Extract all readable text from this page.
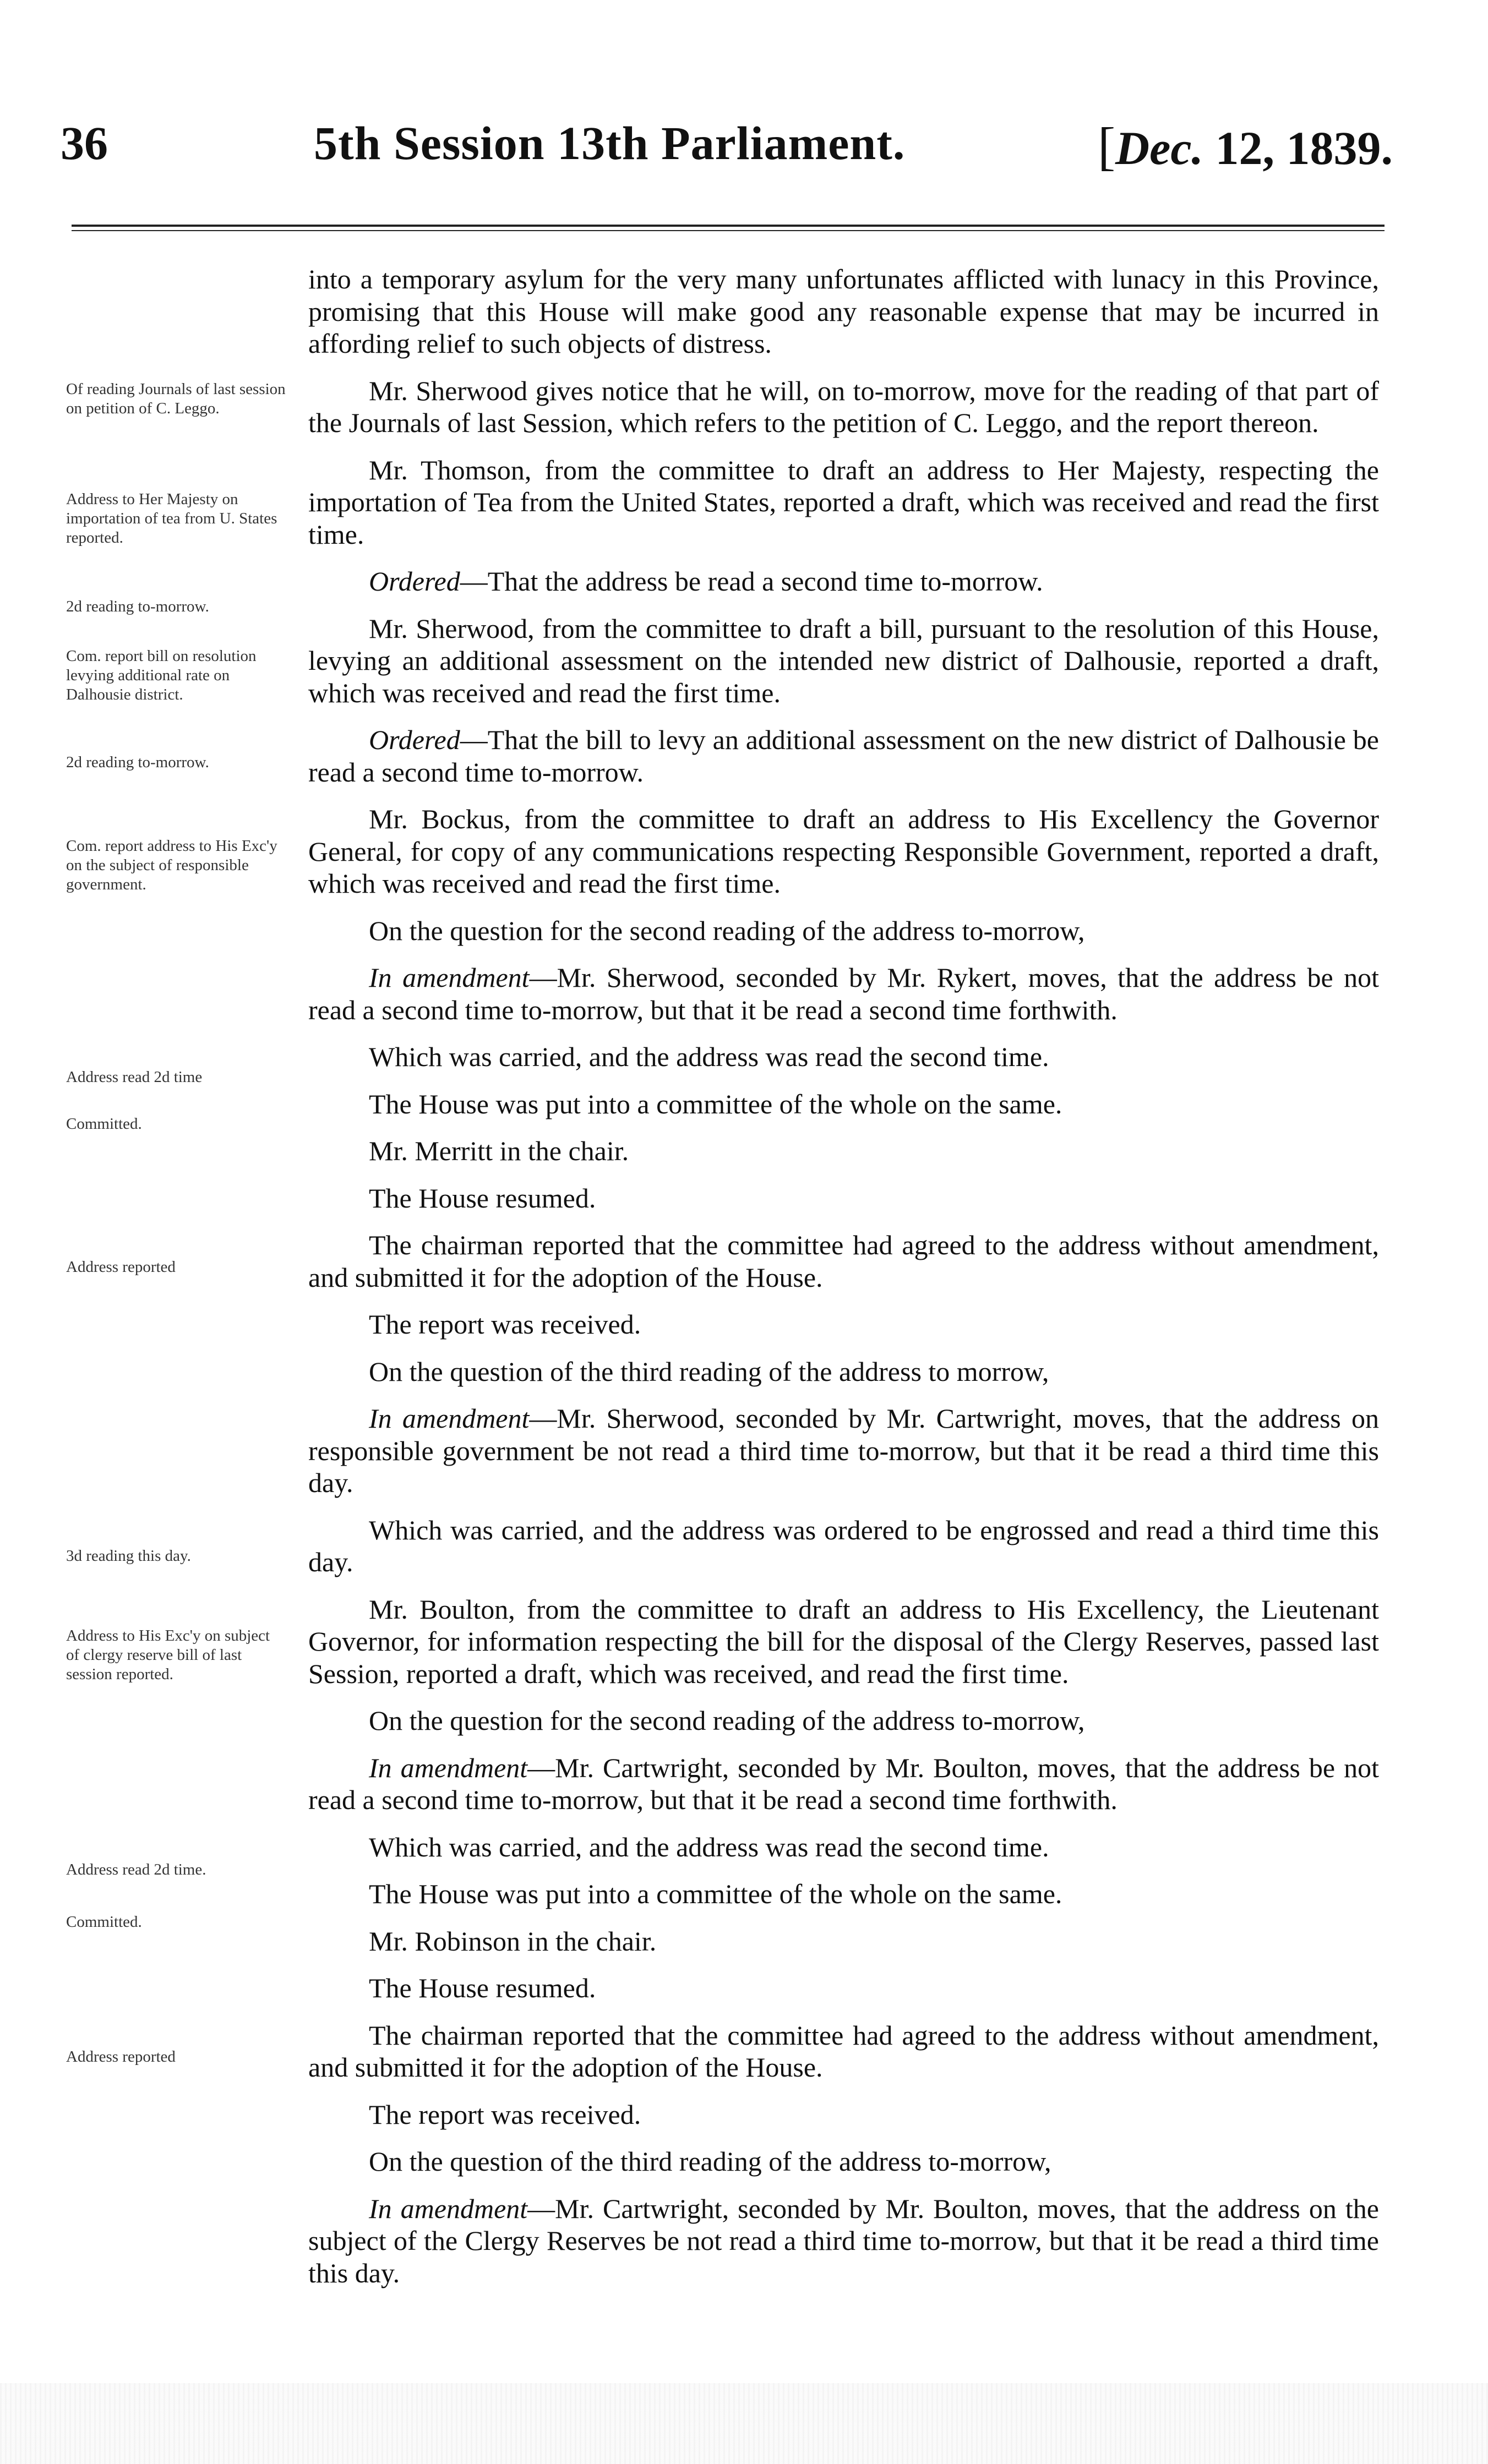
36	5th Session 13th Parliament.	[Dec. 12, 1839.
Of reading Journals of last session on petition of C. Leggo.
Address to Her Majesty on importation of tea from U. States reported.
2d reading to-morrow.
Com. report bill on resolution levying additional rate on Dalhousie district.
2d reading to-morrow.
Com. report address to His Exc'y on the subject of responsible government.
Address read 2d time
Committed.
Address reported
3d reading this day.
Address to His Exc'y on subject of clergy reserve bill of last session reported.
Address read 2d time.
Committed.
Address reported

into a temporary asylum for the very many unfortunates afflicted with lunacy in this Province, promising that this House will make good any reasonable expense that may be incurred in affording relief to such objects of distress.

Mr. Sherwood gives notice that he will, on to-morrow, move for the reading of that part of the Journals of last Session, which refers to the petition of C. Leggo, and the report thereon.

Mr. Thomson, from the committee to draft an address to Her Majesty, respecting the importation of Tea from the United States, reported a draft, which was received and read the first time.

Ordered—That the address be read a second time to-morrow.

Mr. Sherwood, from the committee to draft a bill, pursuant to the resolution of this House, levying an additional assessment on the intended new district of Dalhousie, reported a draft, which was received and read the first time.

Ordered—That the bill to levy an additional assessment on the new district of Dalhousie be read a second time to-morrow.

Mr. Bockus, from the committee to draft an address to His Excellency the Governor General, for copy of any communications respecting Responsible Government, reported a draft, which was received and read the first time.

On the question for the second reading of the address to-morrow,

In amendment—Mr. Sherwood, seconded by Mr. Rykert, moves, that the address be not read a second time to-morrow, but that it be read a second time forthwith.

Which was carried, and the address was read the second time.

The House was put into a committee of the whole on the same.

Mr. Merritt in the chair.

The House resumed.

The chairman reported that the committee had agreed to the address without amendment, and submitted it for the adoption of the House.

The report was received.

On the question of the third reading of the address to morrow,

In amendment—Mr. Sherwood, seconded by Mr. Cartwright, moves, that the address on responsible government be not read a third time to-morrow, but that it be read a third time this day.

Which was carried, and the address was ordered to be engrossed and read a third time this day.

Mr. Boulton, from the committee to draft an address to His Excellency, the Lieutenant Governor, for information respecting the bill for the disposal of the Clergy Reserves, passed last Session, reported a draft, which was received, and read the first time.

On the question for the second reading of the address to-morrow,

In amendment—Mr. Cartwright, seconded by Mr. Boulton, moves, that the address be not read a second time to-morrow, but that it be read a second time forthwith.

Which was carried, and the address was read the second time.

The House was put into a committee of the whole on the same.

Mr. Robinson in the chair.

The House resumed.

The chairman reported that the committee had agreed to the address without amendment, and submitted it for the adoption of the House.

The report was received.

On the question of the third reading of the address to-morrow,

In amendment—Mr. Cartwright, seconded by Mr. Boulton, moves, that the address on the subject of the Clergy Reserves be not read a third time to-morrow, but that it be read a third time this day.
